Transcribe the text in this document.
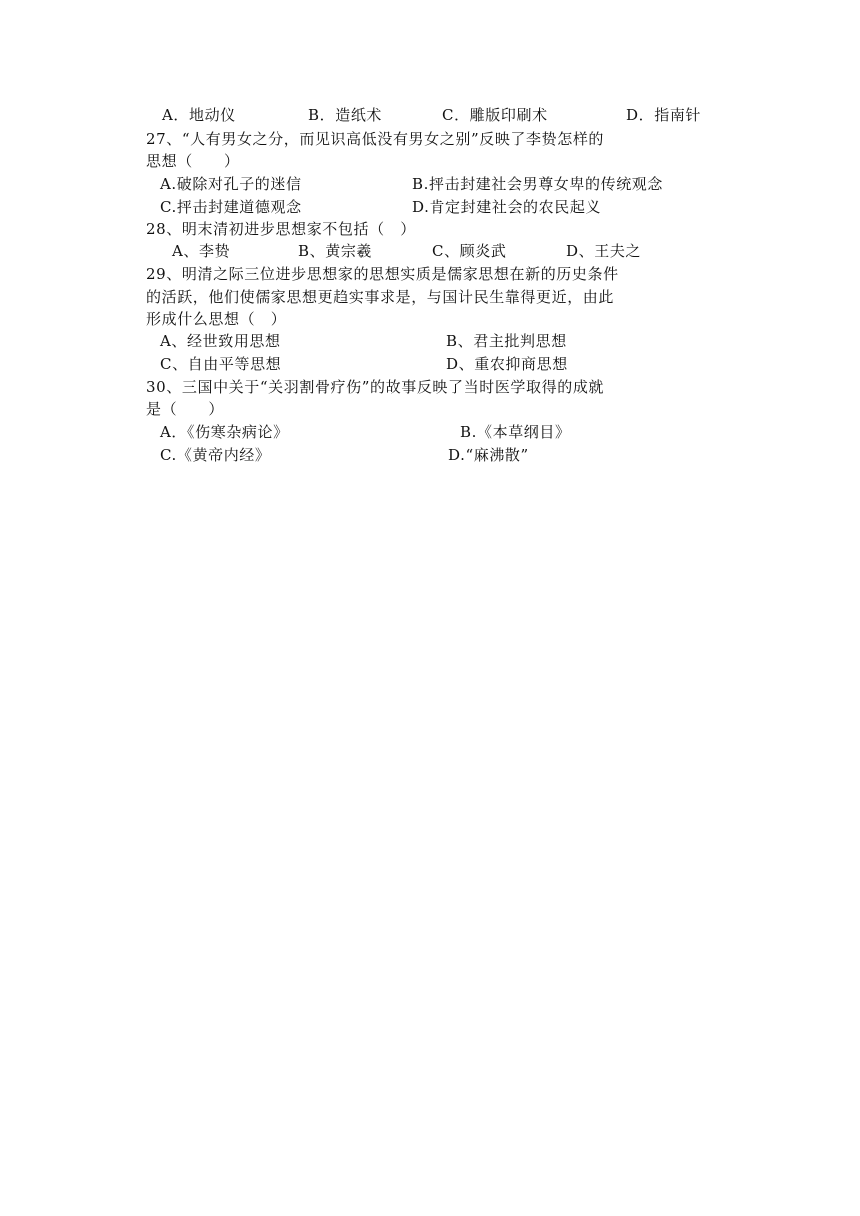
A．地动仪	B．造纸术	C．雕版印刷术	D．指南针
27、“人有男女之分，而见识高低没有男女之别”反映了李贽怎样的
思想（　　）
A.破除对孔子的迷信	B.抨击封建社会男尊女卑的传统观念
C.抨击封建道德观念	D.肯定封建社会的农民起义
28、明末清初进步思想家不包括（　）
A、李贽	B、黄宗羲	C、顾炎武	D、王夫之
29、明清之际三位进步思想家的思想实质是儒家思想在新的历史条件
的活跃，他们使儒家思想更趋实事求是，与国计民生靠得更近，由此
形成什么思想（　）
A、经世致用思想	B、君主批判思想
C、自由平等思想	D、重农抑商思想
30、三国中关于“关羽割骨疗伤”的故事反映了当时医学取得的成就
是（　　）
A．《伤寒杂病论》	B.《本草纲目》
C.《黄帝内经》	D.“麻沸散”
